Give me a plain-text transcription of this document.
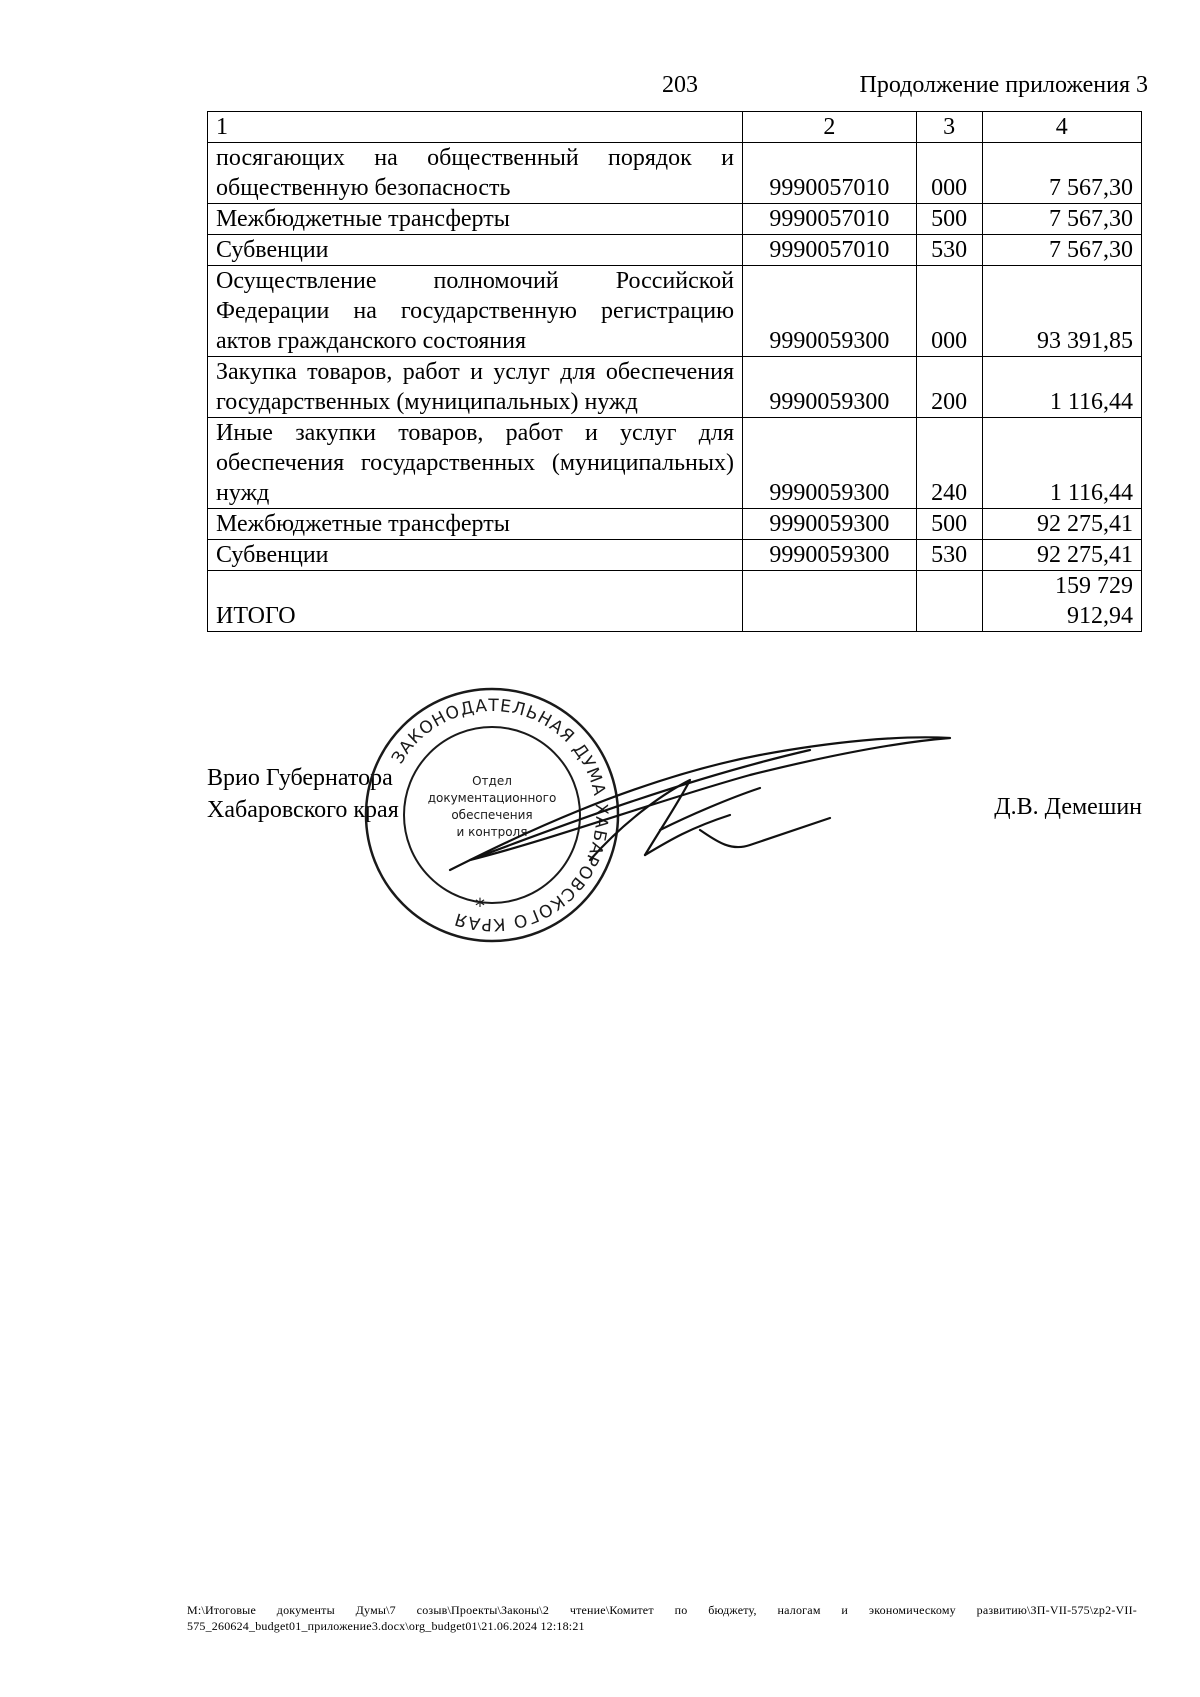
203	Продолжение приложения 3
1	2	3	4
посягающих на общественный порядок и общественную безопасность	9990057010	000	7 567,30
Межбюджетные трансферты	9990057010	500	7 567,30
Субвенции	9990057010	530	7 567,30
Осуществление полномочий Российской Федерации на государственную регистрацию актов гражданского состояния	9990059300	000	93 391,85
Закупка товаров, работ и услуг для обеспечения государственных (муниципальных) нужд	9990059300	200	1 116,44
Иные закупки товаров, работ и услуг для обеспечения государственных (муниципальных) нужд	9990059300	240	1 116,44
Межбюджетные трансферты	9990059300	500	92 275,41
Субвенции	9990059300	530	92 275,41
ИТОГО			159 729 912,94
Врио Губернатора
Хабаровского края
ЗАКОНОДАТЕЛЬНАЯ ДУМА ХАБАРОВСКОГО КРАЯ
Отдел
документационного
обеспечения
и контроля
*
Д.В. Демешин
M:\Итоговые документы Думы\7 созыв\Проекты\Законы\2 чтение\Комитет по бюджету, налогам и экономическому развитию\ЗП-VII-575\zp2-VII-575_260624_budget01_приложение3.docx\org_budget01\21.06.2024 12:18:21
